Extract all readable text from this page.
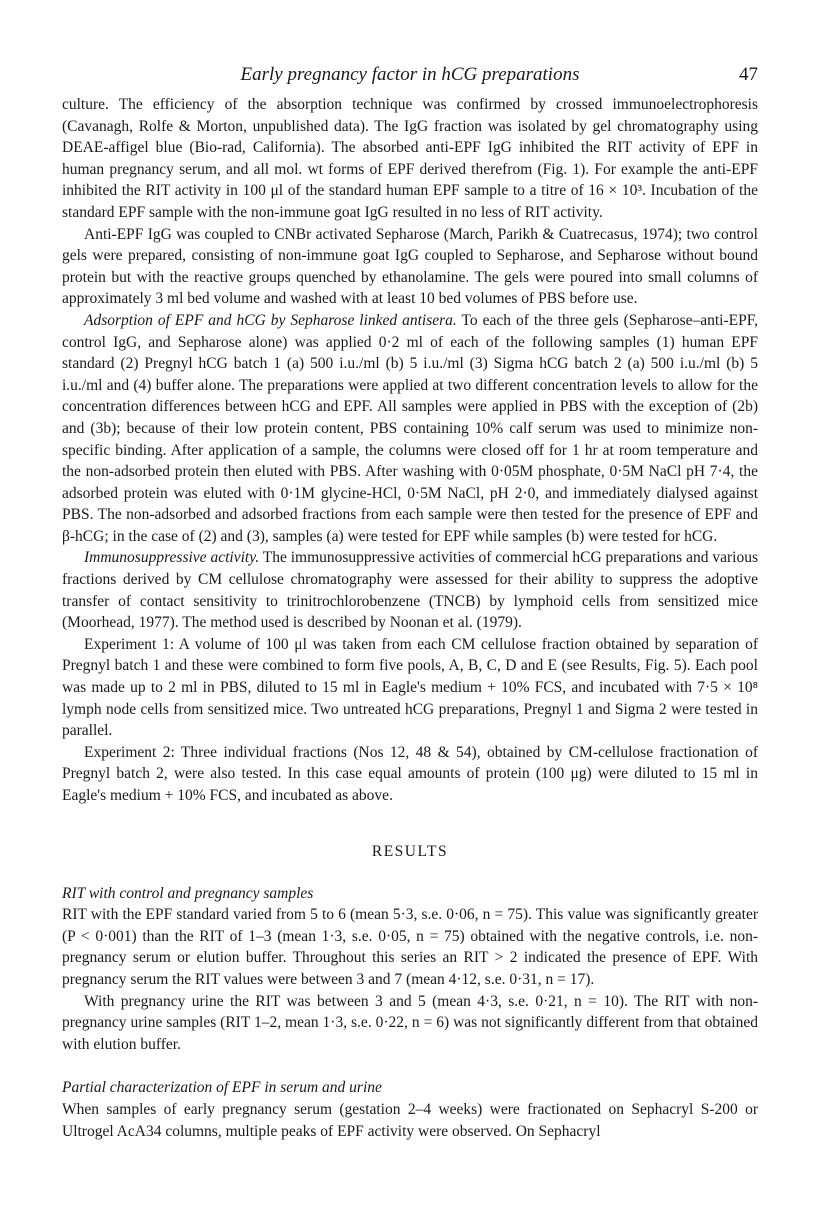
Early pregnancy factor in hCG preparations	47

culture. The efficiency of the absorption technique was confirmed by crossed immunoelectrophoresis (Cavanagh, Rolfe & Morton, unpublished data). The IgG fraction was isolated by gel chromatography using DEAE-affigel blue (Bio-rad, California). The absorbed anti-EPF IgG inhibited the RIT activity of EPF in human pregnancy serum, and all mol. wt forms of EPF derived therefrom (Fig. 1). For example the anti-EPF inhibited the RIT activity in 100 μl of the standard human EPF sample to a titre of 16 × 10³. Incubation of the standard EPF sample with the non-immune goat IgG resulted in no less of RIT activity.

Anti-EPF IgG was coupled to CNBr activated Sepharose (March, Parikh & Cuatrecasus, 1974); two control gels were prepared, consisting of non-immune goat IgG coupled to Sepharose, and Sepharose without bound protein but with the reactive groups quenched by ethanolamine. The gels were poured into small columns of approximately 3 ml bed volume and washed with at least 10 bed volumes of PBS before use.

Adsorption of EPF and hCG by Sepharose linked antisera. To each of the three gels (Sepharose–anti-EPF, control IgG, and Sepharose alone) was applied 0·2 ml of each of the following samples (1) human EPF standard (2) Pregnyl hCG batch 1 (a) 500 i.u./ml (b) 5 i.u./ml (3) Sigma hCG batch 2 (a) 500 i.u./ml (b) 5 i.u./ml and (4) buffer alone. The preparations were applied at two different concentration levels to allow for the concentration differences between hCG and EPF. All samples were applied in PBS with the exception of (2b) and (3b); because of their low protein content, PBS containing 10% calf serum was used to minimize non-specific binding. After application of a sample, the columns were closed off for 1 hr at room temperature and the non-adsorbed protein then eluted with PBS. After washing with 0·05M phosphate, 0·5M NaCl pH 7·4, the adsorbed protein was eluted with 0·1M glycine-HCl, 0·5M NaCl, pH 2·0, and immediately dialysed against PBS. The non-adsorbed and adsorbed fractions from each sample were then tested for the presence of EPF and β-hCG; in the case of (2) and (3), samples (a) were tested for EPF while samples (b) were tested for hCG.

Immunosuppressive activity. The immunosuppressive activities of commercial hCG preparations and various fractions derived by CM cellulose chromatography were assessed for their ability to suppress the adoptive transfer of contact sensitivity to trinitrochlorobenzene (TNCB) by lymphoid cells from sensitized mice (Moorhead, 1977). The method used is described by Noonan et al. (1979).

Experiment 1: A volume of 100 μl was taken from each CM cellulose fraction obtained by separation of Pregnyl batch 1 and these were combined to form five pools, A, B, C, D and E (see Results, Fig. 5). Each pool was made up to 2 ml in PBS, diluted to 15 ml in Eagle's medium + 10% FCS, and incubated with 7·5 × 10⁸ lymph node cells from sensitized mice. Two untreated hCG preparations, Pregnyl 1 and Sigma 2 were tested in parallel.

Experiment 2: Three individual fractions (Nos 12, 48 & 54), obtained by CM-cellulose fractionation of Pregnyl batch 2, were also tested. In this case equal amounts of protein (100 μg) were diluted to 15 ml in Eagle's medium + 10% FCS, and incubated as above.

RESULTS
RIT with control and pregnancy samples

RIT with the EPF standard varied from 5 to 6 (mean 5·3, s.e. 0·06, n = 75). This value was significantly greater (P < 0·001) than the RIT of 1–3 (mean 1·3, s.e. 0·05, n = 75) obtained with the negative controls, i.e. non-pregnancy serum or elution buffer. Throughout this series an RIT > 2 indicated the presence of EPF. With pregnancy serum the RIT values were between 3 and 7 (mean 4·12, s.e. 0·31, n = 17).

With pregnancy urine the RIT was between 3 and 5 (mean 4·3, s.e. 0·21, n = 10). The RIT with non-pregnancy urine samples (RIT 1–2, mean 1·3, s.e. 0·22, n = 6) was not significantly different from that obtained with elution buffer.

Partial characterization of EPF in serum and urine

When samples of early pregnancy serum (gestation 2–4 weeks) were fractionated on Sephacryl S-200 or Ultrogel AcA34 columns, multiple peaks of EPF activity were observed. On Sephacryl
